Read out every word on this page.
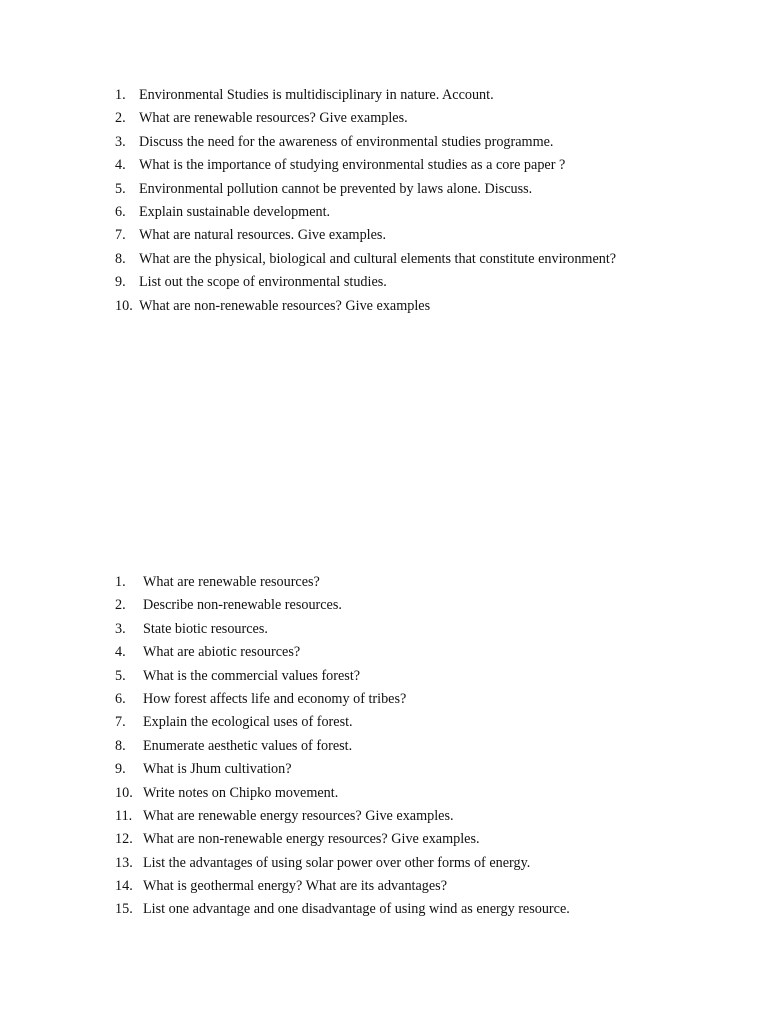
1. Environmental Studies is multidisciplinary in nature. Account.
2. What are renewable resources? Give examples.
3. Discuss the need for the awareness of environmental studies programme.
4. What is the importance of studying environmental studies as a core paper ?
5. Environmental pollution cannot be prevented by laws alone. Discuss.
6. Explain sustainable development.
7. What are natural resources. Give examples.
8. What are the physical, biological and cultural elements that constitute environment?
9. List out the scope of environmental studies.
10. What are non-renewable resources? Give examples
1.	What are renewable resources?
2.	Describe non-renewable resources.
3.	State biotic resources.
4.	What are abiotic resources?
5.	What is the commercial values forest?
6.	How forest affects life and economy of tribes?
7.	Explain the ecological uses of forest.
8.	Enumerate aesthetic values of forest.
9.	What is Jhum cultivation?
10. Write notes on Chipko movement.
11. What are renewable energy resources? Give examples.
12. What are non-renewable energy resources? Give examples.
13. List the advantages of using solar power over other forms of energy.
14. What is geothermal energy? What are its advantages?
15. List one advantage and one disadvantage of using wind as energy resource.
